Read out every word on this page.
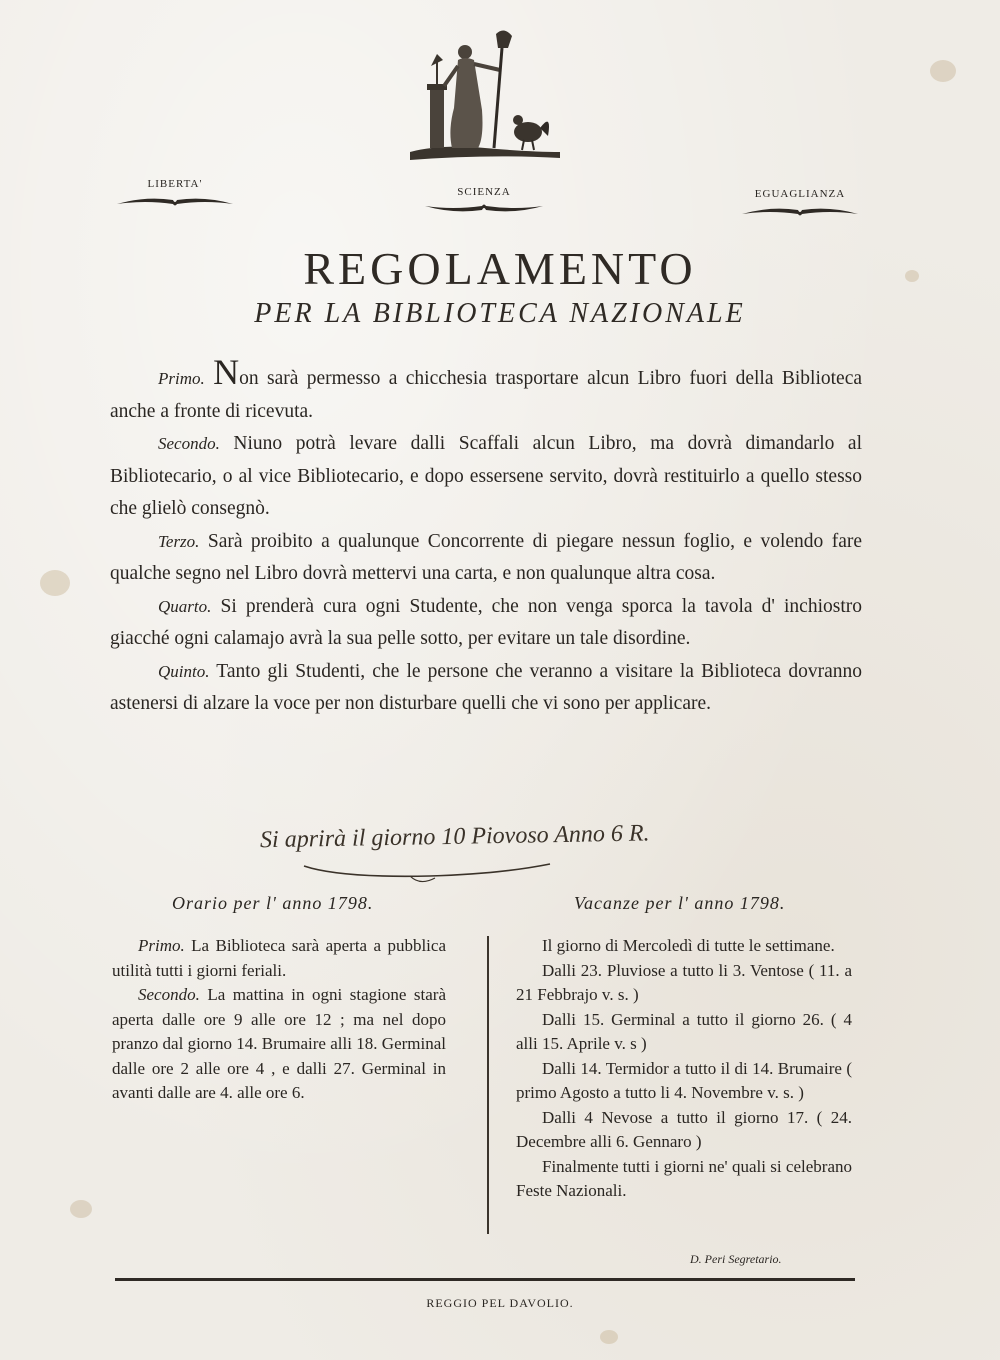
LIBERTA'
SCIENZA	EGUAGLIANZA
REGOLAMENTO
PER LA BIBLIOTECA NAZIONALE

Primo. Non sarà permesso a chicchesia trasportare alcun Libro fuori della Biblioteca anche a fronte di ricevuta.

Secondo. Niuno potrà levare dalli Scaffali alcun Libro, ma dovrà dimandarlo al Bibliotecario, o al vice Bibliotecario, e dopo essersene servito, dovrà restituirlo a quello stesso che glielò consegnò.

Terzo. Sarà proibito a qualunque Concorrente di piegare nessun foglio, e volendo fare qualche segno nel Libro dovrà mettervi una carta, e non qualunque altra cosa.

Quarto. Si prenderà cura ogni Studente, che non venga sporca la tavola d' inchiostro giacché ogni calamajo avrà la sua pelle sotto, per evitare un tale disordine.

Quinto. Tanto gli Studenti, che le persone che veranno a visitare la Biblioteca dovranno astenersi di alzare la voce per non disturbare quelli che vi sono per applicare.

Si aprirà il giorno 10 Piovoso Anno 6 R.
Orario per l' anno 1798.	Vacanze per l' anno 1798.

Primo. La Biblioteca sarà aperta a pubblica utilità tutti i giorni feriali.

Secondo. La mattina in ogni stagione starà aperta dalle ore 9 alle ore 12 ; ma nel dopo pranzo dal giorno 14. Brumaire alli 18. Germinal dalle ore 2 alle ore 4 , e dalli 27. Germinal in avanti dalle are 4. alle ore 6.

Il giorno di Mercoledì di tutte le settimane.

Dalli 23. Pluviose a tutto li 3. Ventose ( 11. a 21 Febbrajo v. s. )

Dalli 15. Germinal a tutto il giorno 26. ( 4 alli 15. Aprile v. s )

Dalli 14. Termidor a tutto il di 14. Brumaire ( primo Agosto a tutto li 4. Novembre v. s. )

Dalli 4 Nevose a tutto il giorno 17. ( 24. Decembre alli 6. Gennaro )

Finalmente tutti i giorni ne' quali si celebrano Feste Nazionali.

D. Peri Segretario.
REGGIO PEL DAVOLIO.
